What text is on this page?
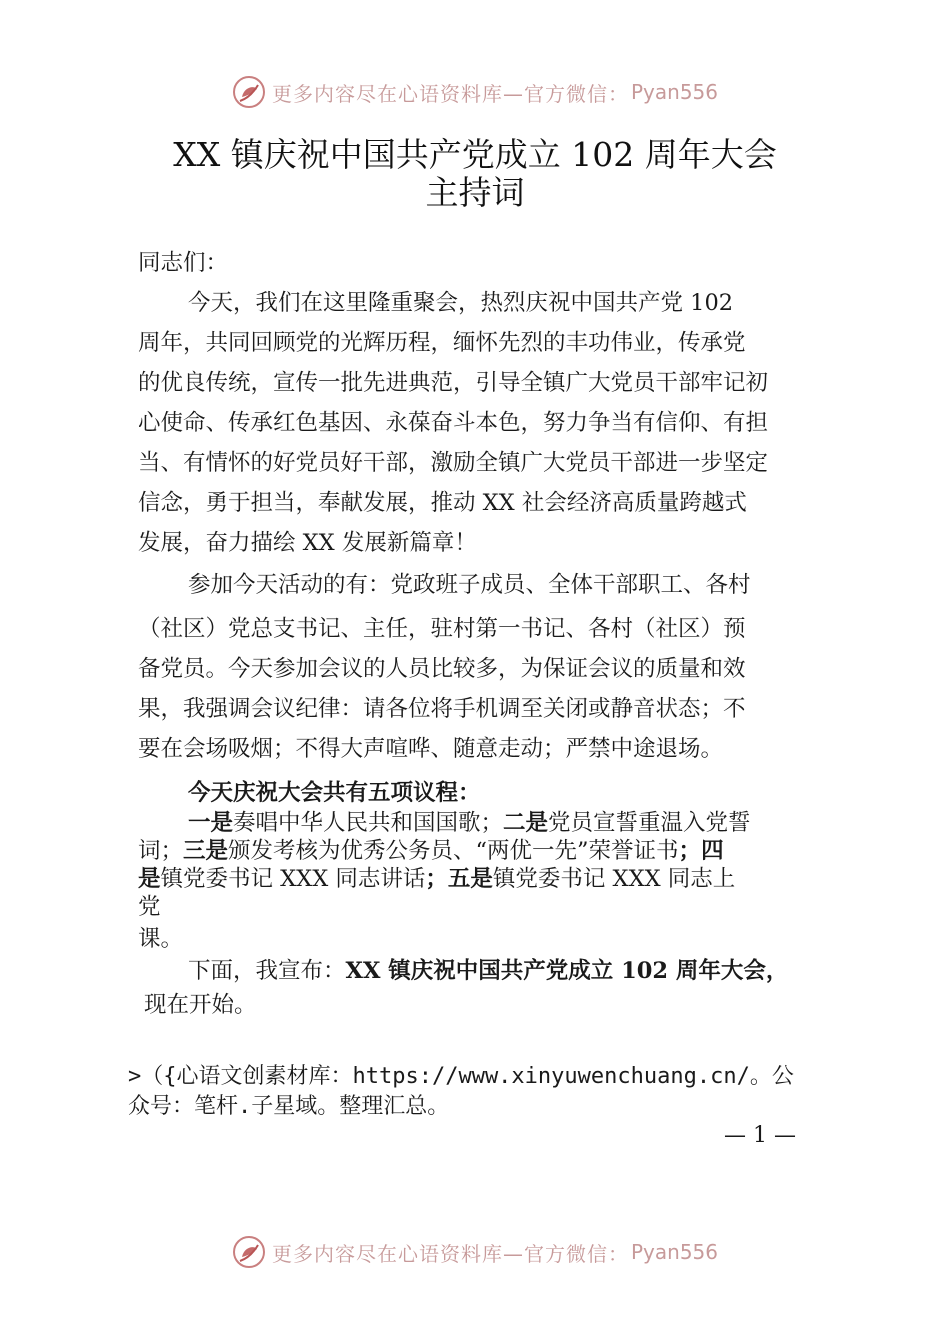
更多内容尽在心语资料库—官方微信： Pyan556
XX 镇庆祝中国共产党成立 102 周年大会
主持词
同志们：
今天，我们在这里隆重聚会，热烈庆祝中国共产党 102
周年，共同回顾党的光辉历程，缅怀先烈的丰功伟业，传承党
的优良传统，宣传一批先进典范，引导全镇广大党员干部牢记初
心使命、传承红色基因、永葆奋斗本色，努力争当有信仰、有担
当、有情怀的好党员好干部，激励全镇广大党员干部进一步坚定
信念，勇于担当，奉献发展，推动 XX 社会经济高质量跨越式
发展，奋力描绘 XX 发展新篇章！
参加今天活动的有：党政班子成员、全体干部职工、各村
（社区）党总支书记、主任，驻村第一书记、各村（社区）预
备党员。今天参加会议的人员比较多，为保证会议的质量和效
果，我强调会议纪律：请各位将手机调至关闭或静音状态；不
要在会场吸烟；不得大声喧哗、随意走动；严禁中途退场。
今天庆祝大会共有五项议程：
一是奏唱中华人民共和国国歌；二是党员宣誓重温入党誓
词；三是颁发考核为优秀公务员、“两优一先”荣誉证书；四
是镇党委书记 XXX 同志讲话；五是镇党委书记 XXX 同志上
党
课。
下面，我宣布：XX 镇庆祝中国共产党成立 102 周年大会，
现在开始。
>（{心语文创素材库：https://www.xinyuwenchuang.cn/。公
众号：笔杆.子星域。整理汇总。
— 1 —
更多内容尽在心语资料库—官方微信： Pyan556
